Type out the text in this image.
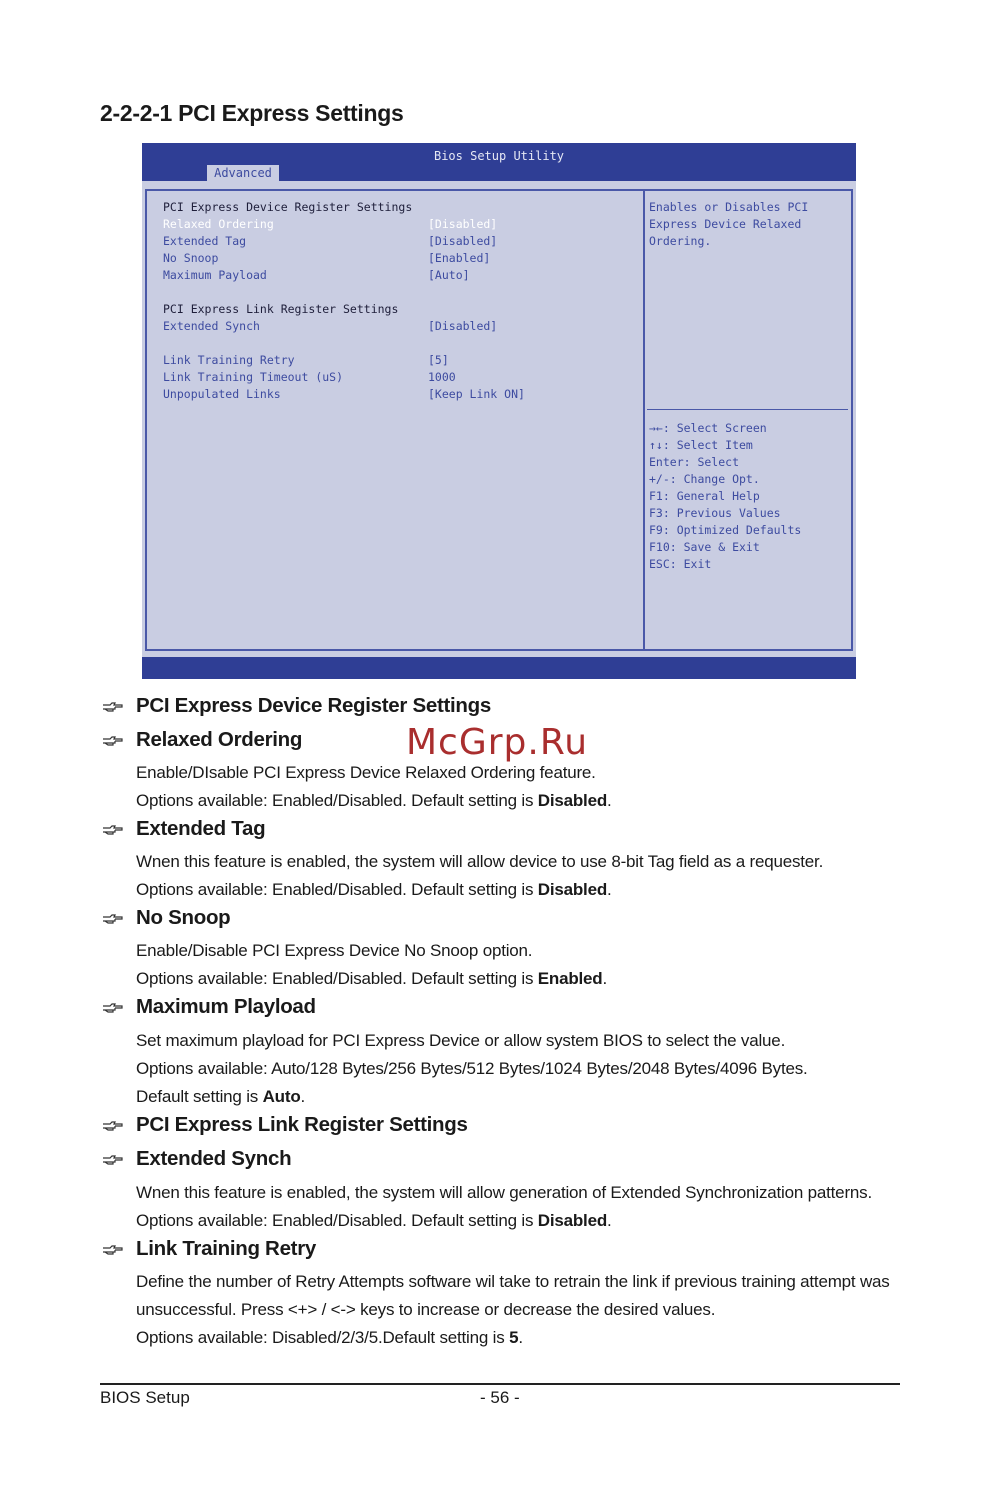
2-2-2-1 PCI Express Settings
Bios Setup Utility
Advanced
PCI Express Device Register Settings
Relaxed Ordering	[Disabled]
Extended Tag	[Disabled]
No Snoop	[Enabled]
Maximum Payload	[Auto]
PCI Express Link Register Settings
Extended Synch	[Disabled]
Link Training Retry	[5]
Link Training Timeout (uS)	1000
Unpopulated Links	[Keep Link ON]
Enables or Disables PCI
Express Device Relaxed
Ordering.
→←: Select Screen
↑↓: Select Item
Enter: Select
+/-: Change Opt.
F1: General Help
F3: Previous Values
F9: Optimized Defaults
F10: Save & Exit
ESC: Exit
PCI Express Device Register Settings
Relaxed Ordering
Enable/DIsable PCI Express Device Relaxed Ordering feature.
Options available: Enabled/Disabled. Default setting is Disabled.
Extended Tag
Wnen this feature is enabled, the system will allow device to use 8-bit Tag field as a requester.
Options available: Enabled/Disabled. Default setting is Disabled.
No Snoop
Enable/Disable PCI Express Device No Snoop option.
Options available: Enabled/Disabled. Default setting is Enabled.
Maximum Playload
Set maximum playload for PCI Express Device or allow system BIOS to select the value.
Options available: Auto/128 Bytes/256 Bytes/512 Bytes/1024 Bytes/2048 Bytes/4096 Bytes.
Default setting is Auto.
PCI Express Link Register Settings
Extended Synch
Wnen this feature is enabled, the system will allow generation of Extended Synchronization patterns.
Options available: Enabled/Disabled. Default setting is Disabled.
Link Training Retry
Define the number of Retry Attempts software wil take to retrain the link if previous training attempt was
unsuccessful. Press <+> / <-> keys to increase or decrease the desired values.
Options available: Disabled/2/3/5.Default setting is 5.
McGrp.Ru
BIOS Setup	- 56 -
